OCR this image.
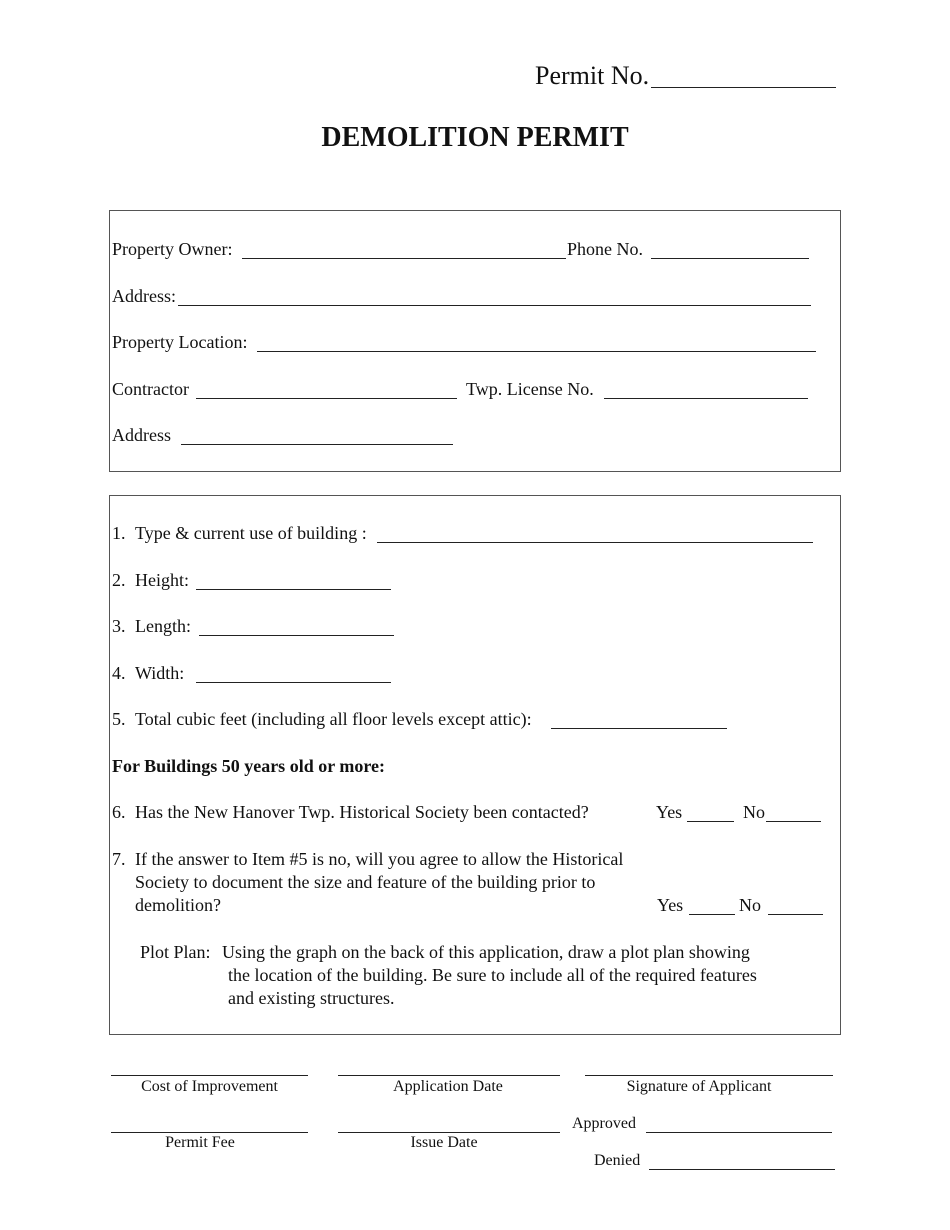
Permit No.
DEMOLITION PERMIT
Property Owner:	Phone No.
Address:
Property Location:
Contractor	Twp. License No.
Address
1. Type & current use of building :
2. Height:
3. Length:
4. Width:
5. Total cubic feet (including all floor levels except attic):
For Buildings 50 years old or more:
6. Has the New Hanover Twp. Historical Society been contacted?	Yes	No
7. If the answer to Item #5 is no, will you agree to allow the Historical
Society to document the size and feature of the building prior to
demolition?	Yes	No
Plot Plan: Using the graph on the back of this application, draw a plot plan showing
the location of the building. Be sure to include all of the required features
and existing structures.
Cost of Improvement	Application Date	Signature of Applicant
Permit Fee	Issue Date
Approved
Denied
